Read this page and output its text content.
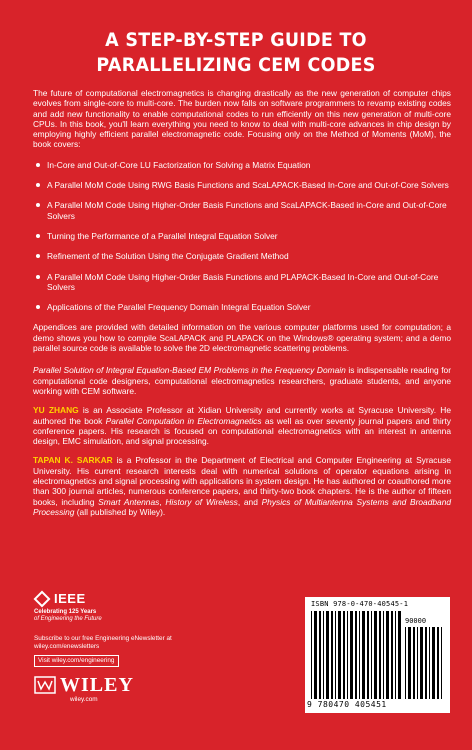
A STEP-BY-STEP GUIDE TO
PARALLELIZING CEM CODES

The future of computational electromagnetics is changing drastically as the new generation of computer chips evolves from single-core to multi-core. The burden now falls on software programmers to revamp existing codes and add new functionality to enable computational codes to run efficiently on this new generation of multi-core CPUs. In this book, you'll learn everything you need to know to deal with multi-core advances in chip design by employing highly efficient parallel electromagnetic code. Focusing only on the Method of Moments (MoM), the book covers:

In-Core and Out-of-Core LU Factorization for Solving a Matrix Equation
A Parallel MoM Code Using RWG Basis Functions and ScaLAPACK-Based In-Core and Out-of-Core Solvers
A Parallel MoM Code Using Higher-Order Basis Functions and ScaLAPACK-Based in-Core and Out-of-Core Solvers
Turning the Performance of a Parallel Integral Equation Solver
Refinement of the Solution Using the Conjugate Gradient Method
A Parallel MoM Code Using Higher-Order Basis Functions and PLAPACK-Based In-Core and Out-of-Core Solvers
Applications of the Parallel Frequency Domain Integral Equation Solver

Appendices are provided with detailed information on the various computer platforms used for computation; a demo shows you how to compile ScaLAPACK and PLAPACK on the Windows® operating system; and a demo parallel source code is available to solve the 2D electromagnetic scattering problems.

Parallel Solution of Integral Equation-Based EM Problems in the Frequency Domain is indispensable reading for computational code designers, computational electromagnetics researchers, graduate students, and anyone working with CEM software.

YU ZHANG is an Associate Professor at Xidian University and currently works at Syracuse University. He authored the book Parallel Computation in Electromagnetics as well as over seventy journal papers and thirty conference papers. His research is focused on computational electromagnetics with an interest in antenna design, EMC simulation, and signal processing.

TAPAN K. SARKAR is a Professor in the Department of Electrical and Computer Engineering at Syracuse University. His current research interests deal with numerical solutions of operator equations arising in electromagnetics and signal processing with applications in system design. He has authored or coauthored more than 300 journal articles, numerous conference papers, and thirty-two book chapters. He is the author of fifteen books, including Smart Antennas, History of Wireless, and Physics of Multiantenna Systems and Broadband Processing (all published by Wiley).

IEEE
Celebrating 125 Years
of Engineering the Future
Subscribe to our free Engineering eNewsletter at
wiley.com/enewsletters
Visit wiley.com/engineering
WILEY
wiley.com
ISBN 978-0-470-40545-1
90000
9 780470 405451
